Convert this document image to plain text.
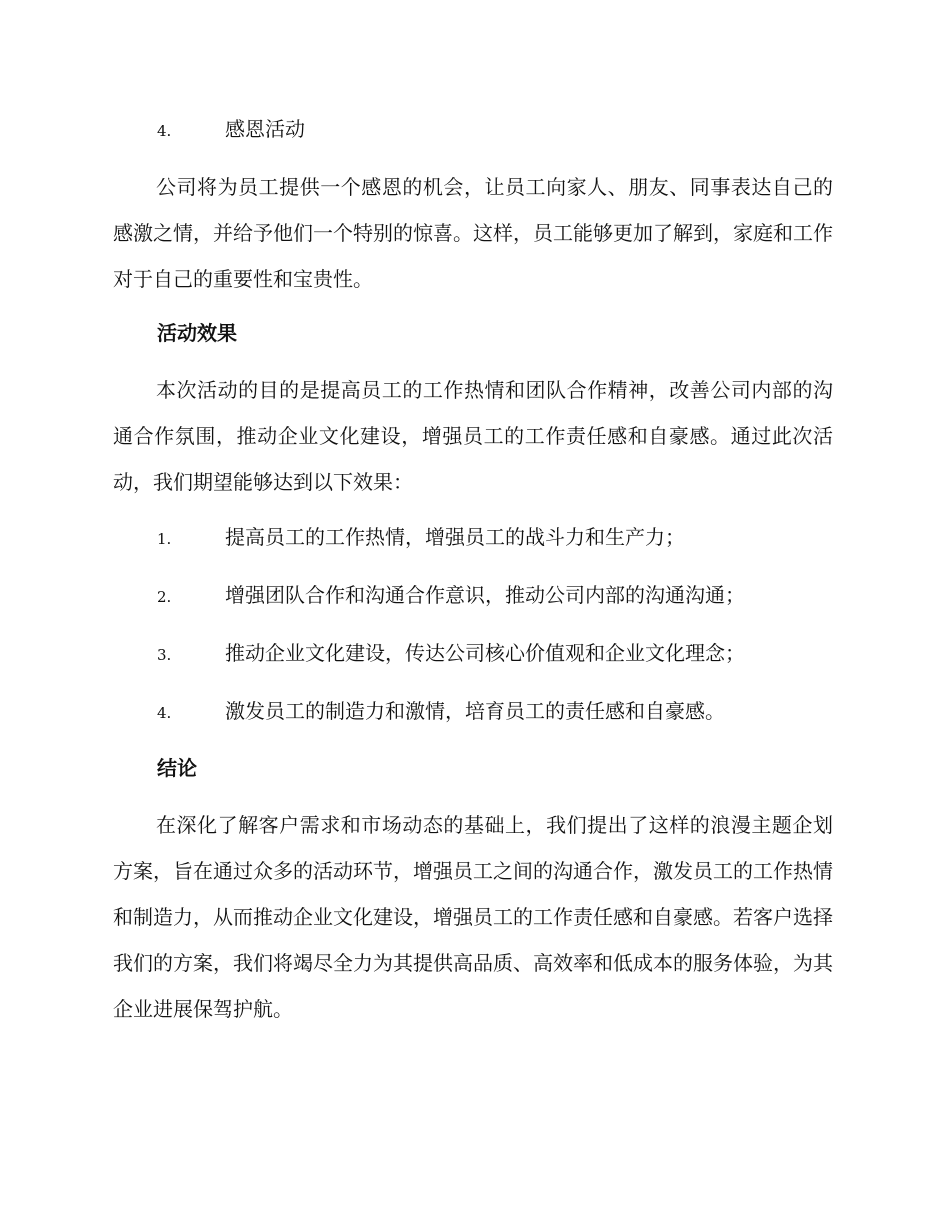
4.	感恩活动

公司将为员工提供一个感恩的机会，让员工向家人、朋友、同事表达自己的感激之情，并给予他们一个特别的惊喜。这样，员工能够更加了解到，家庭和工作对于自己的重要性和宝贵性。

活动效果

本次活动的目的是提高员工的工作热情和团队合作精神，改善公司内部的沟通合作氛围，推动企业文化建设，增强员工的工作责任感和自豪感。通过此次活动，我们期望能够达到以下效果：

1.	提高员工的工作热情，增强员工的战斗力和生产力；
2.	增强团队合作和沟通合作意识，推动公司内部的沟通沟通；
3.	推动企业文化建设，传达公司核心价值观和企业文化理念；
4.	激发员工的制造力和激情，培育员工的责任感和自豪感。
结论

在深化了解客户需求和市场动态的基础上，我们提出了这样的浪漫主题企划方案，旨在通过众多的活动环节，增强员工之间的沟通合作，激发员工的工作热情和制造力，从而推动企业文化建设，增强员工的工作责任感和自豪感。若客户选择我们的方案，我们将竭尽全力为其提供高品质、高效率和低成本的服务体验，为其企业进展保驾护航。
